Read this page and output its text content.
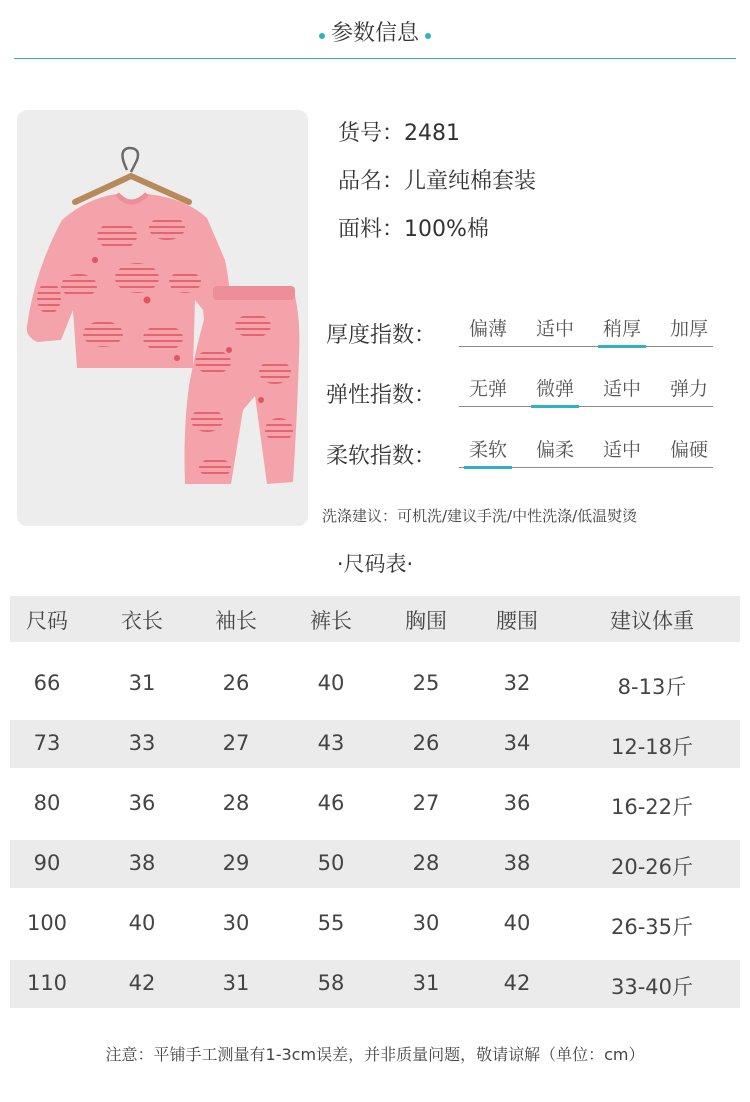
参数信息
货号：2481
品名：儿童纯棉套装
面料：100%棉
厚度指数：	偏薄	适中	稍厚	加厚
弹性指数：	无弹	微弹	适中	弹力
柔软指数：	柔软	偏柔	适中	偏硬
洗涤建议：可机洗/建议手洗/中性洗涤/低温熨烫
·尺码表·
尺码	衣长	袖长	裤长	胸围	腰围	建议体重
66	31	26	40	25	32	8-13斤
73	33	27	43	26	34	12-18斤
80	36	28	46	27	36	16-22斤
90	38	29	50	28	38	20-26斤
100	40	30	55	30	40	26-35斤
110	42	31	58	31	42	33-40斤
注意：平铺手工测量有1-3cm误差，并非质量问题，敬请谅解（单位：cm）
